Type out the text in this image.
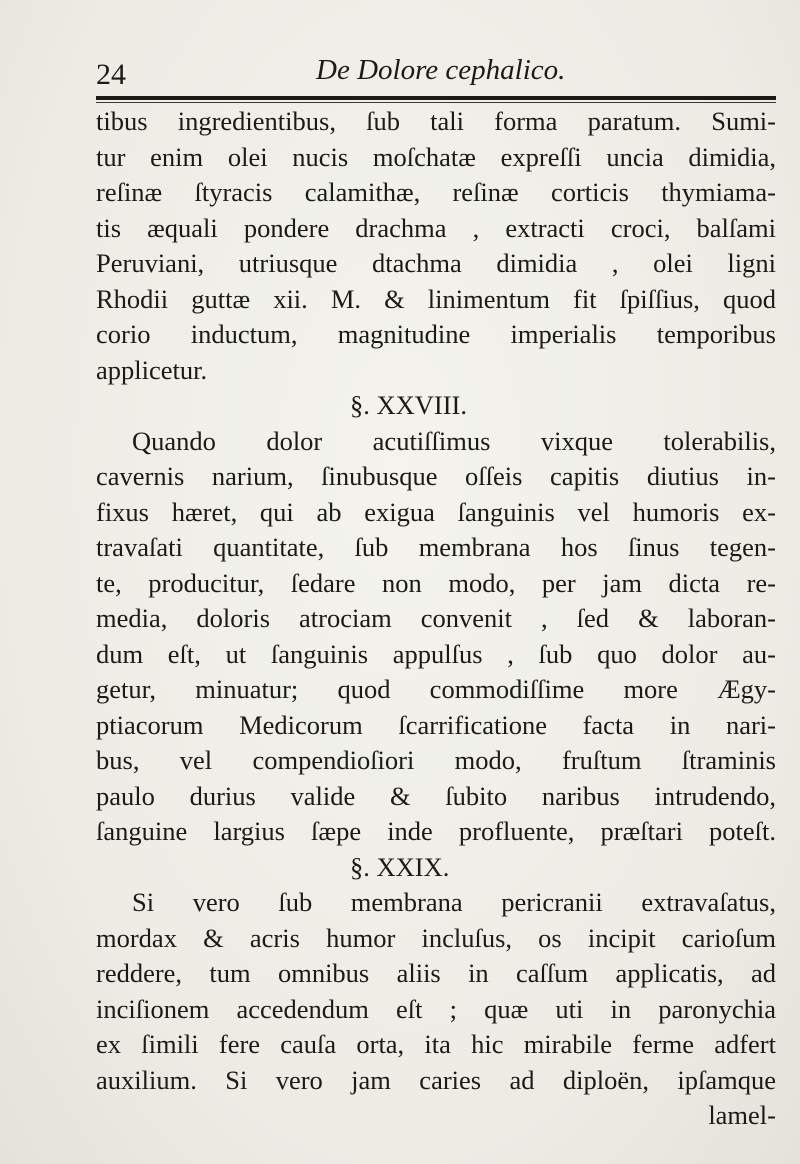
24	De Dolore cephalico.
tibus ingredientibus, ſub tali forma paratum. Sumi-
tur enim olei nucis moſchatæ expreſſi uncia dimidia,
reſinæ ſtyracis calamithæ, reſinæ corticis thymiama-
tis æquali pondere drachma , extracti croci, balſami
Peruviani, utriusque dtachma dimidia , olei ligni
Rhodii guttæ xii. M. & linimentum fit ſpiſſius, quod
corio inductum, magnitudine imperialis temporibus
applicetur.
§. XXVIII.
Quando dolor acutiſſimus vixque tolerabilis,
cavernis narium, ſinubusque oſſeis capitis diutius in-
fixus hæret, qui ab exigua ſanguinis vel humoris ex-
travaſati quantitate, ſub membrana hos ſinus tegen-
te, producitur, ſedare non modo, per jam dicta re-
media, doloris atrociam convenit , ſed & laboran-
dum eſt, ut ſanguinis appulſus , ſub quo dolor au-
getur, minuatur; quod commodiſſime more Ægy-
ptiacorum Medicorum ſcarrificatione facta in nari-
bus, vel compendioſiori modo, fruſtum ſtraminis
paulo durius valide & ſubito naribus intrudendo,
ſanguine largius ſæpe inde profluente, præſtari poteſt.
§. XXIX.
Si vero ſub membrana pericranii extravaſatus,
mordax & acris humor incluſus, os incipit carioſum
reddere, tum omnibus aliis in caſſum applicatis, ad
inciſionem accedendum eſt ; quæ uti in paronychia
ex ſimili fere cauſa orta, ita hic mirabile ferme adfert
auxilium. Si vero jam caries ad diploën, ipſamque
lamel-
